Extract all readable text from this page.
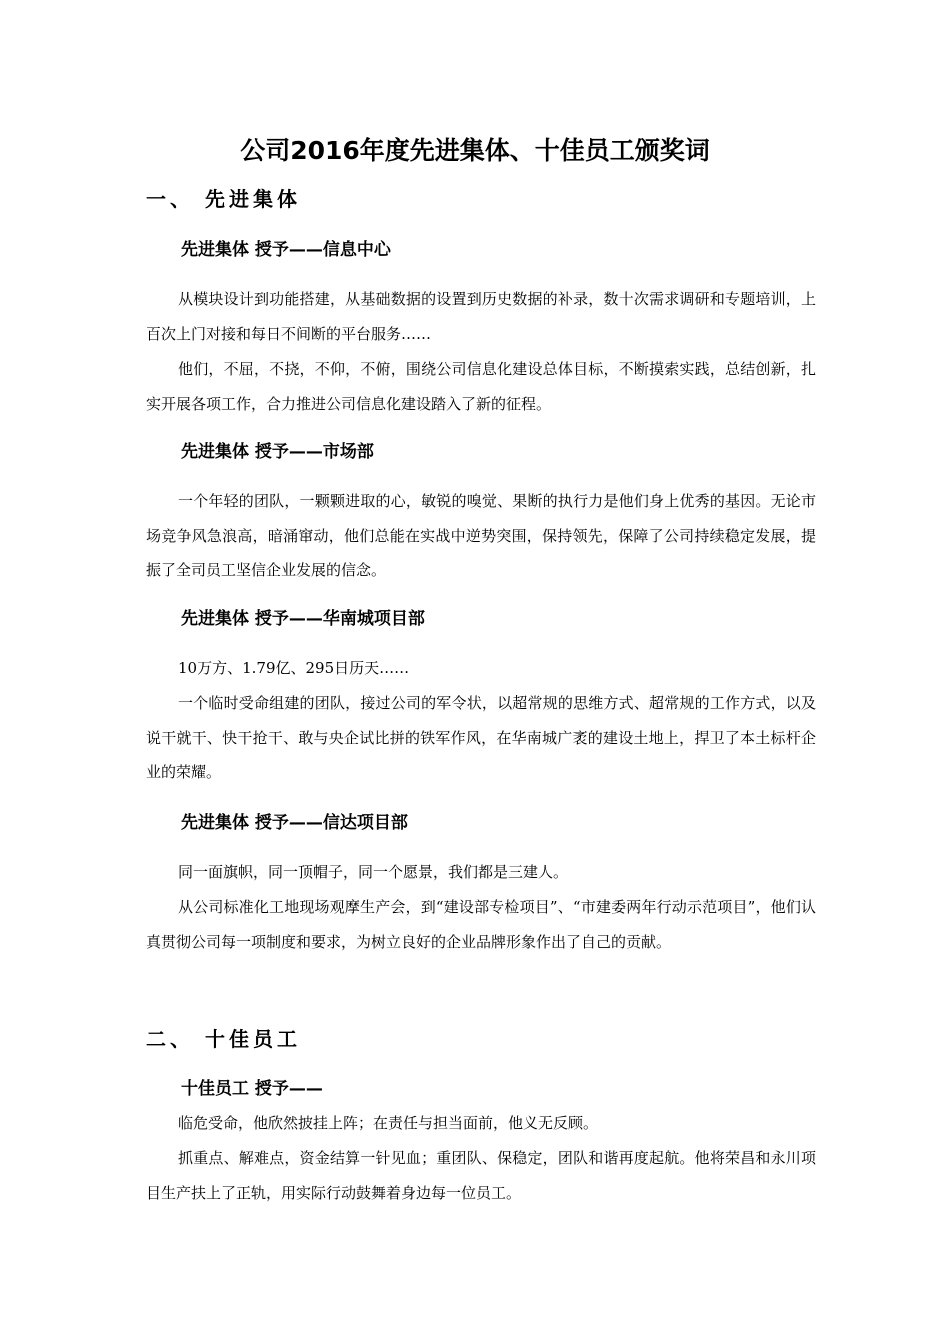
公司2016年度先进集体、十佳员工颁奖词
一、 先进集体
先进集体 授予——信息中心

从模块设计到功能搭建，从基础数据的设置到历史数据的补录，数十次需求调研和专题培训，上百次上门对接和每日不间断的平台服务……

他们，不屈，不挠，不仰，不俯，围绕公司信息化建设总体目标，不断摸索实践，总结创新，扎实开展各项工作，合力推进公司信息化建设踏入了新的征程。

先进集体 授予——市场部

一个年轻的团队，一颗颗进取的心，敏锐的嗅觉、果断的执行力是他们身上优秀的基因。无论市场竞争风急浪高，暗涌窜动，他们总能在实战中逆势突围，保持领先，保障了公司持续稳定发展，提振了全司员工坚信企业发展的信念。

先进集体 授予——华南城项目部

10万方、1.79亿、295日历天……

一个临时受命组建的团队，接过公司的军令状，以超常规的思维方式、超常规的工作方式，以及说干就干、快干抢干、敢与央企试比拼的铁军作风，在华南城广袤的建设土地上，捍卫了本土标杆企业的荣耀。

先进集体 授予——信达项目部

同一面旗帜，同一顶帽子，同一个愿景，我们都是三建人。

从公司标准化工地现场观摩生产会，到“建设部专检项目”、“市建委两年行动示范项目”，他们认真贯彻公司每一项制度和要求，为树立良好的企业品牌形象作出了自己的贡献。

二、 十佳员工
十佳员工 授予——

临危受命，他欣然披挂上阵；在责任与担当面前，他义无反顾。

抓重点、解难点，资金结算一针见血；重团队、保稳定，团队和谐再度起航。他将荣昌和永川项目生产扶上了正轨，用实际行动鼓舞着身边每一位员工。
